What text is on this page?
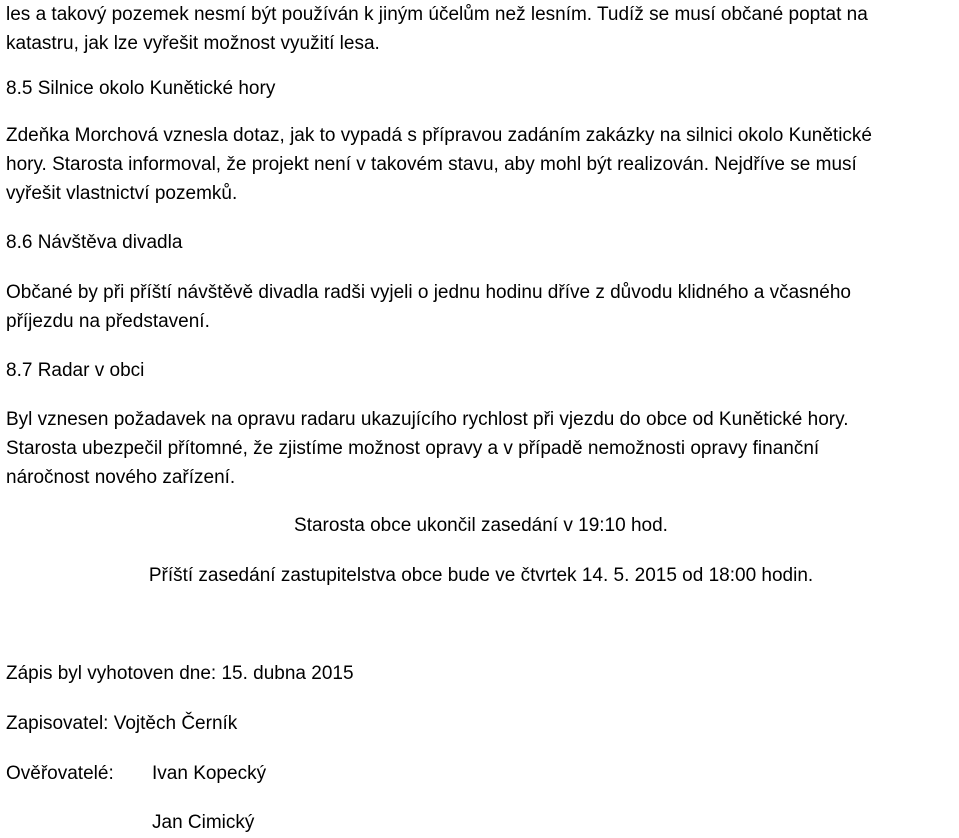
les a takový pozemek nesmí být používán k jiným účelům než lesním. Tudíž se musí občané poptat na
katastru, jak lze vyřešit možnost využití lesa.
8.5 Silnice okolo Kunětické hory
Zdeňka Morchová vznesla dotaz, jak to vypadá s přípravou zadáním zakázky na silnici okolo Kunětické
hory. Starosta informoval, že projekt není v takovém stavu, aby mohl být realizován. Nejdříve se musí
vyřešit vlastnictví pozemků.
8.6 Návštěva divadla
Občané by při příští návštěvě divadla radši vyjeli o jednu hodinu dříve z důvodu klidného a včasného
příjezdu na představení.
8.7 Radar v obci
Byl vznesen požadavek na opravu radaru ukazujícího rychlost při vjezdu do obce od Kunětické hory.
Starosta ubezpečil přítomné, že zjistíme možnost opravy a v případě nemožnosti opravy finanční
náročnost nového zařízení.
Starosta obce ukončil zasedání v 19:10 hod.
Příští zasedání zastupitelstva obce bude ve čtvrtek 14. 5. 2015 od 18:00 hodin.
Zápis byl vyhotoven dne: 15. dubna 2015
Zapisovatel: Vojtěch Černík
Ověřovatelé: Ivan Kopecký
Jan Cimický
